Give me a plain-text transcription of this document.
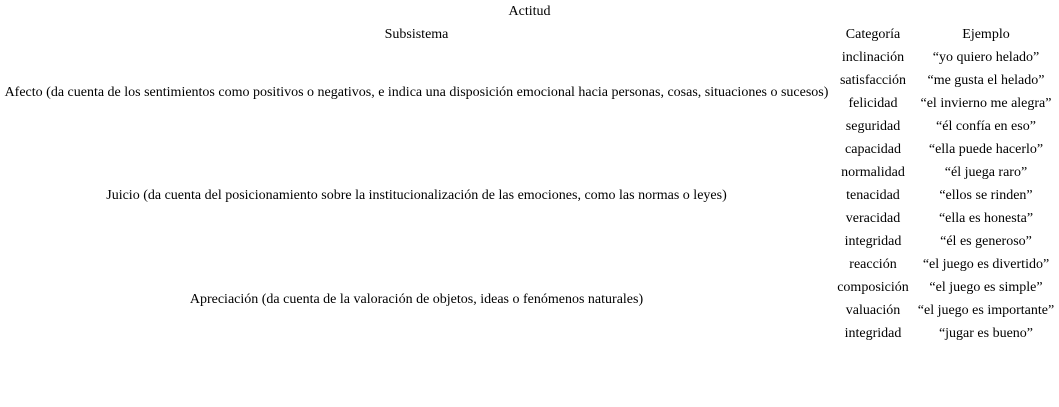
Actitud		
Subsistema	Categoría	Ejemplo
Afecto (da cuenta de los sentimientos como positivos o negativos, e indica una disposición emocional hacia personas, cosas, situaciones o sucesos)	inclinación	“yo quiero helado”
	satisfacción	“me gusta el helado”
	felicidad	“el invierno me alegra”
	seguridad	“él confía en eso”
Juicio (da cuenta del posicionamiento sobre la institucionalización de las emociones, como las normas o leyes)	capacidad	“ella puede hacerlo”
	normalidad	“él juega raro”
	tenacidad	“ellos se rinden”
	veracidad	“ella es honesta”
	integridad	“él es generoso”
Apreciación (da cuenta de la valoración de objetos, ideas o fenómenos naturales)	reacción	“el juego es divertido”
	composición	“el juego es simple”
	valuación	“el juego es importante”
	integridad	“jugar es bueno”
